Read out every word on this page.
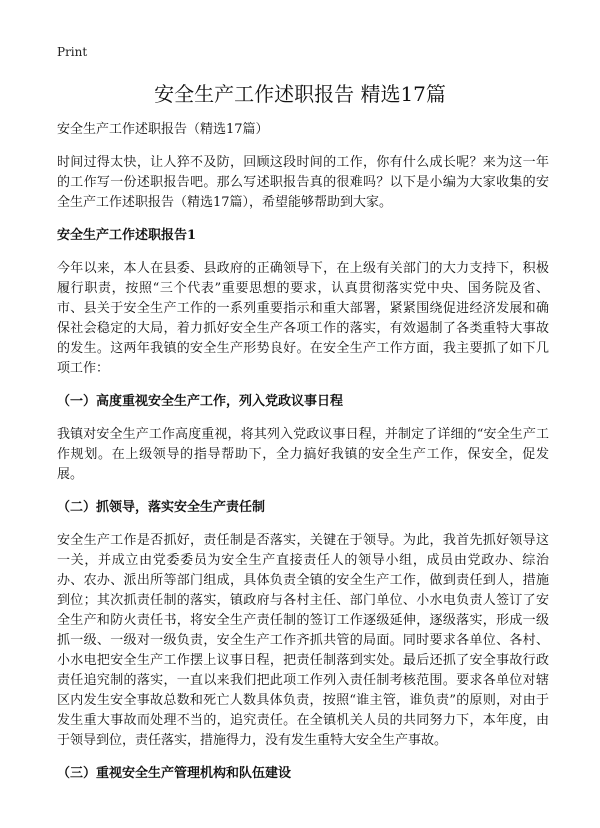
Print
安全生产工作述职报告 精选17篇

安全生产工作述职报告（精选17篇）

时间过得太快，让人猝不及防，回顾这段时间的工作，你有什么成长呢？来为这一年的工作写一份述职报告吧。那么写述职报告真的很难吗？以下是小编为大家收集的安全生产工作述职报告（精选17篇），希望能够帮助到大家。

安全生产工作述职报告1

今年以来，本人在县委、县政府的正确领导下，在上级有关部门的大力支持下，积极履行职责，按照“三个代表”重要思想的要求，认真贯彻落实党中央、国务院及省、市、县关于安全生产工作的一系列重要指示和重大部署，紧紧围绕促进经济发展和确保社会稳定的大局，着力抓好安全生产各项工作的落实，有效遏制了各类重特大事故的发生。这两年我镇的安全生产形势良好。在安全生产工作方面，我主要抓了如下几项工作：

（一）高度重视安全生产工作，列入党政议事日程

我镇对安全生产工作高度重视，将其列入党政议事日程，并制定了详细的“安全生产工作规划。在上级领导的指导帮助下，全力搞好我镇的安全生产工作，保安全，促发展。

（二）抓领导，落实安全生产责任制

安全生产工作是否抓好，责任制是否落实，关键在于领导。为此，我首先抓好领导这一关，并成立由党委委员为安全生产直接责任人的领导小组，成员由党政办、综治办、农办、派出所等部门组成，具体负责全镇的安全生产工作，做到责任到人，措施到位；其次抓责任制的落实，镇政府与各村主任、部门单位、小水电负责人签订了安全生产和防火责任书，将安全生产责任制的签订工作逐级延伸，逐级落实，形成一级抓一级、一级对一级负责，安全生产工作齐抓共管的局面。同时要求各单位、各村、小水电把安全生产工作摆上议事日程，把责任制落到实处。最后还抓了安全事故行政责任追究制的落实，一直以来我们把此项工作列入责任制考核范围。要求各单位对辖区内发生安全事故总数和死亡人数具体负责，按照“谁主管，谁负责”的原则，对由于发生重大事故而处理不当的，追究责任。在全镇机关人员的共同努力下，本年度，由于领导到位，责任落实，措施得力，没有发生重特大安全生产事故。

（三）重视安全生产管理机构和队伍建设
